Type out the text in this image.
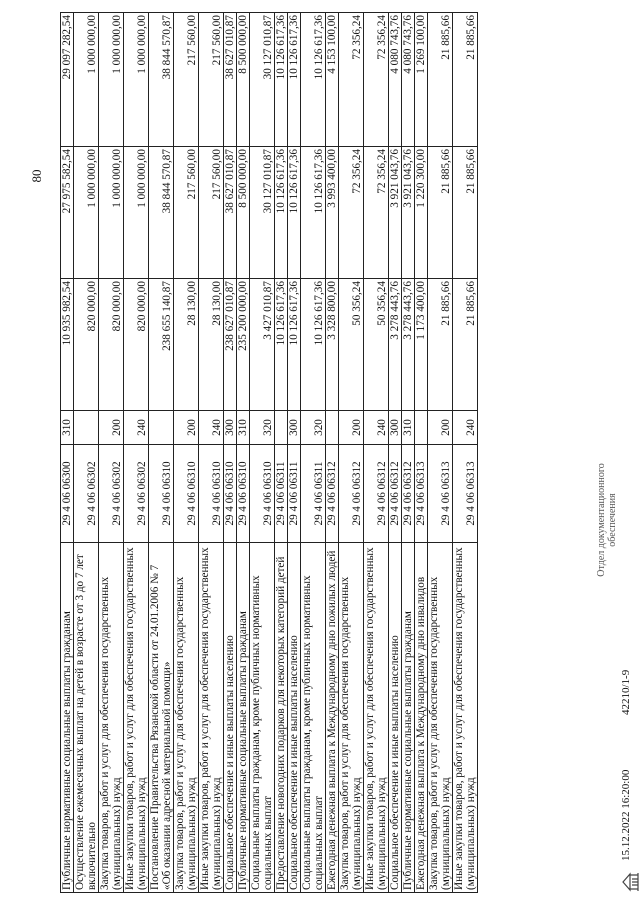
80
Публичные нормативные социальные выплаты гражданам	29 4 06 06300	310	10 935 982,54	27 975 582,54	29 097 282,54
Осуществление ежемесячных выплат на детей в возрасте от 3 до 7 лет включительно	29 4 06 06302		820 000,00	1 000 000,00	1 000 000,00
Закупка товаров, работ и услуг для обеспечения государственных (муниципальных) нужд	29 4 06 06302	200	820 000,00	1 000 000,00	1 000 000,00
Иные закупки товаров, работ и услуг для обеспечения государственных (муниципальных) нужд	29 4 06 06302	240	820 000,00	1 000 000,00	1 000 000,00
Постановление Правительства Рязанской области от 24.01.2006 № 7 «Об оказании адресной материальной помощи»	29 4 06 06310		238 655 140,87	38 844 570,87	38 844 570,87
Закупка товаров, работ и услуг для обеспечения государственных (муниципальных) нужд	29 4 06 06310	200	28 130,00	217 560,00	217 560,00
Иные закупки товаров, работ и услуг для обеспечения государственных (муниципальных) нужд	29 4 06 06310	240	28 130,00	217 560,00	217 560,00
Социальное обеспечение и иные выплаты населению	29 4 06 06310	300	238 627 010,87	38 627 010,87	38 627 010,87
Публичные нормативные социальные выплаты гражданам	29 4 06 06310	310	235 200 000,00	8 500 000,00	8 500 000,00
Социальные выплаты гражданам, кроме публичных нормативных социальных выплат	29 4 06 06310	320	3 427 010,87	30 127 010,87	30 127 010,87
Предоставление новогодних подарков для некоторых категорий детей	29 4 06 06311		10 126 617,36	10 126 617,36	10 126 617,36
Социальное обеспечение и иные выплаты населению	29 4 06 06311	300	10 126 617,36	10 126 617,36	10 126 617,36
Социальные выплаты гражданам, кроме публичных нормативных социальных выплат	29 4 06 06311	320	10 126 617,36	10 126 617,36	10 126 617,36
Ежегодная денежная выплата к Международному дню пожилых людей	29 4 06 06312		3 328 800,00	3 993 400,00	4 153 100,00
Закупка товаров, работ и услуг для обеспечения государственных (муниципальных) нужд	29 4 06 06312	200	50 356,24	72 356,24	72 356,24
Иные закупки товаров, работ и услуг для обеспечения государственных (муниципальных) нужд	29 4 06 06312	240	50 356,24	72 356,24	72 356,24
Социальное обеспечение и иные выплаты населению	29 4 06 06312	300	3 278 443,76	3 921 043,76	4 080 743,76
Публичные нормативные социальные выплаты гражданам	29 4 06 06312	310	3 278 443,76	3 921 043,76	4 080 743,76
Ежегодная денежная выплата к Международному дню инвалидов	29 4 06 06313		1 173 400,00	1 220 300,00	1 269 100,00
Закупка товаров, работ и услуг для обеспечения государственных (муниципальных) нужд	29 4 06 06313	200	21 885,66	21 885,66	21 885,66
Иные закупки товаров, работ и услуг для обеспечения государственных (муниципальных) нужд	29 4 06 06313	240	21 885,66	21 885,66	21 885,66
15.12.2022 16:20:00
42210/1-9
Отдел документационного обеспечения
